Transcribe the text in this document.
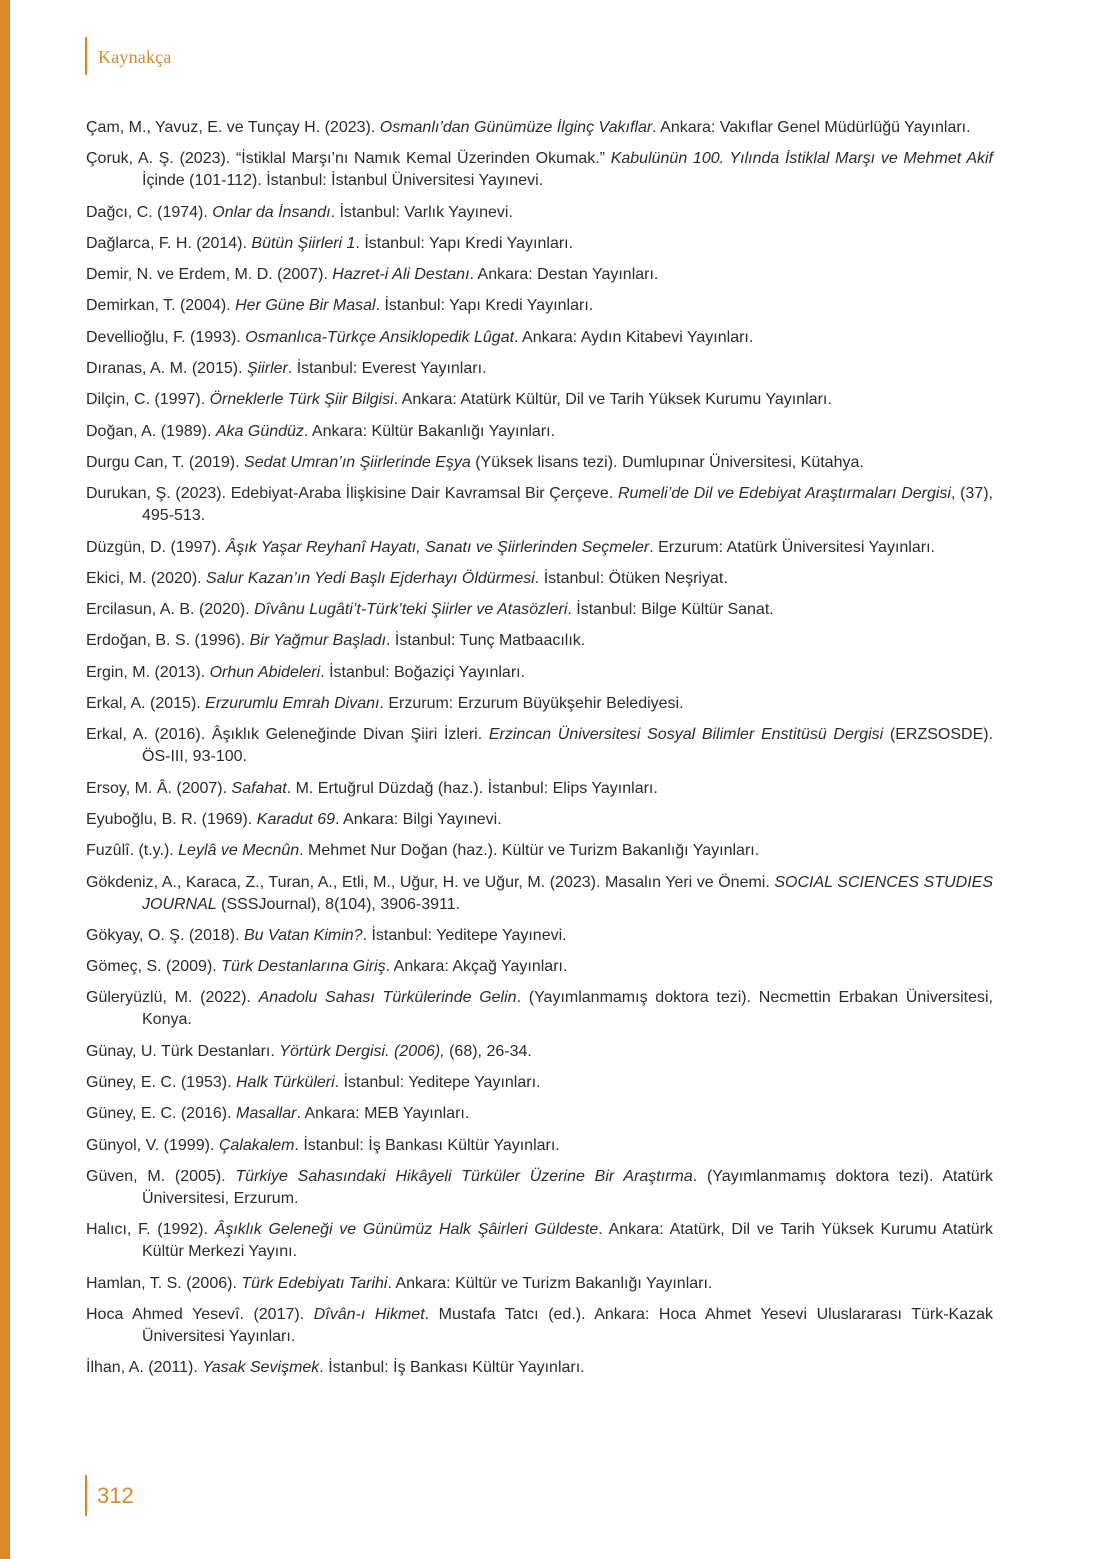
Kaynakça
Çam, M., Yavuz, E. ve Tunçay H. (2023). Osmanlı’dan Günümüze İlginç Vakıflar. Ankara: Vakıflar Genel Müdürlüğü Yayınları.
Çoruk, A. Ş. (2023). “İstiklal Marşı’nı Namık Kemal Üzerinden Okumak.” Kabulünün 100. Yılında İstiklal Marşı ve Mehmet Akif İçinde (101-112). İstanbul: İstanbul Üniversitesi Yayınevi.
Dağcı, C. (1974). Onlar da İnsandı. İstanbul: Varlık Yayınevi.
Dağlarca, F. H. (2014). Bütün Şiirleri 1. İstanbul: Yapı Kredi Yayınları.
Demir, N. ve Erdem, M. D. (2007). Hazret-i Ali Destanı. Ankara: Destan Yayınları.
Demirkan, T. (2004). Her Güne Bir Masal. İstanbul: Yapı Kredi Yayınları.
Devellioğlu, F. (1993). Osmanlıca-Türkçe Ansiklopedik Lûgat. Ankara: Aydın Kitabevi Yayınları.
Dıranas, A. M. (2015). Şiirler. İstanbul: Everest Yayınları.
Dilçin, C. (1997). Örneklerle Türk Şiir Bilgisi. Ankara: Atatürk Kültür, Dil ve Tarih Yüksek Kurumu Yayınları.
Doğan, A. (1989). Aka Gündüz. Ankara: Kültür Bakanlığı Yayınları.
Durgu Can, T. (2019). Sedat Umran’ın Şiirlerinde Eşya (Yüksek lisans tezi). Dumlupınar Üniversitesi, Kütahya.
Durukan, Ş. (2023). Edebiyat-Araba İlişkisine Dair Kavramsal Bir Çerçeve. Rumeli’de Dil ve Edebiyat Araştırmaları Dergisi, (37), 495-513.
Düzgün, D. (1997). Âşık Yaşar Reyhanî Hayatı, Sanatı ve Şiirlerinden Seçmeler. Erzurum: Atatürk Üniversitesi Yayınları.
Ekici, M. (2020). Salur Kazan’ın Yedi Başlı Ejderhayı Öldürmesi. İstanbul: Ötüken Neşriyat.
Ercilasun, A. B. (2020). Dîvânu Lugâti’t-Türk’teki Şiirler ve Atasözleri. İstanbul: Bilge Kültür Sanat.
Erdoğan, B. S. (1996). Bir Yağmur Başladı. İstanbul: Tunç Matbaacılık.
Ergin, M. (2013). Orhun Abideleri. İstanbul: Boğaziçi Yayınları.
Erkal, A. (2015). Erzurumlu Emrah Divanı. Erzurum: Erzurum Büyükşehir Belediyesi.
Erkal, A. (2016). Âşıklık Geleneğinde Divan Şiiri İzleri. Erzincan Üniversitesi Sosyal Bilimler Enstitüsü Dergisi (ERZSOSDE). ÖS-III, 93-100.
Ersoy, M. Â. (2007). Safahat. M. Ertuğrul Düzdağ (haz.). İstanbul: Elips Yayınları.
Eyuboğlu, B. R. (1969). Karadut 69. Ankara: Bilgi Yayınevi.
Fuzûlî. (t.y.). Leylâ ve Mecnûn. Mehmet Nur Doğan (haz.). Kültür ve Turizm Bakanlığı Yayınları.
Gökdeniz, A., Karaca, Z., Turan, A., Etli, M., Uğur, H. ve Uğur, M. (2023). Masalın Yeri ve Önemi. SOCIAL SCIENCES STUDIES JOURNAL (SSSJournal), 8(104), 3906-3911.
Gökyay, O. Ş. (2018). Bu Vatan Kimin?. İstanbul: Yeditepe Yayınevi.
Gömeç, S. (2009). Türk Destanlarına Giriş. Ankara: Akçağ Yayınları.
Güleryüzlü, M. (2022). Anadolu Sahası Türkülerinde Gelin. (Yayımlanmamış doktora tezi). Necmettin Erbakan Üniversitesi, Konya.
Günay, U. Türk Destanları. Yörtürk Dergisi. (2006), (68), 26-34.
Güney, E. C. (1953). Halk Türküleri. İstanbul: Yeditepe Yayınları.
Güney, E. C. (2016). Masallar. Ankara: MEB Yayınları.
Günyol, V. (1999). Çalakalem. İstanbul: İş Bankası Kültür Yayınları.
Güven, M. (2005). Türkiye Sahasındaki Hikâyeli Türküler Üzerine Bir Araştırma. (Yayımlanmamış doktora tezi). Atatürk Üniversitesi, Erzurum.
Halıcı, F. (1992). Âşıklık Geleneği ve Günümüz Halk Şâirleri Güldeste. Ankara: Atatürk, Dil ve Tarih Yüksek Kurumu Atatürk Kültür Merkezi Yayını.
Hamlan, T. S. (2006). Türk Edebiyatı Tarihi. Ankara: Kültür ve Turizm Bakanlığı Yayınları.
Hoca Ahmed Yesevî. (2017). Dîvân-ı Hikmet. Mustafa Tatcı (ed.). Ankara: Hoca Ahmet Yesevi Uluslararası Türk-Kazak Üniversitesi Yayınları.
İlhan, A. (2011). Yasak Sevişmek. İstanbul: İş Bankası Kültür Yayınları.
312
